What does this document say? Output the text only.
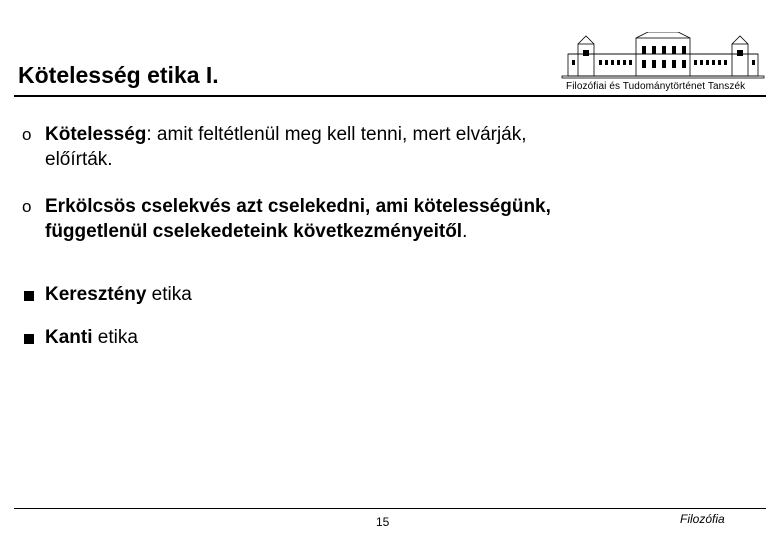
Kötelesség etika I.	Filozófiai és Tudománytörténet Tanszék
o Kötelesség: amit feltétlenül meg kell tenni, mert elvárják,
előírták.
o Erkölcsös cselekvés azt cselekedni, ami kötelességünk,
függetlenül cselekedeteink következményeitől.
Keresztény etika
Kanti etika
15	Filozófia
